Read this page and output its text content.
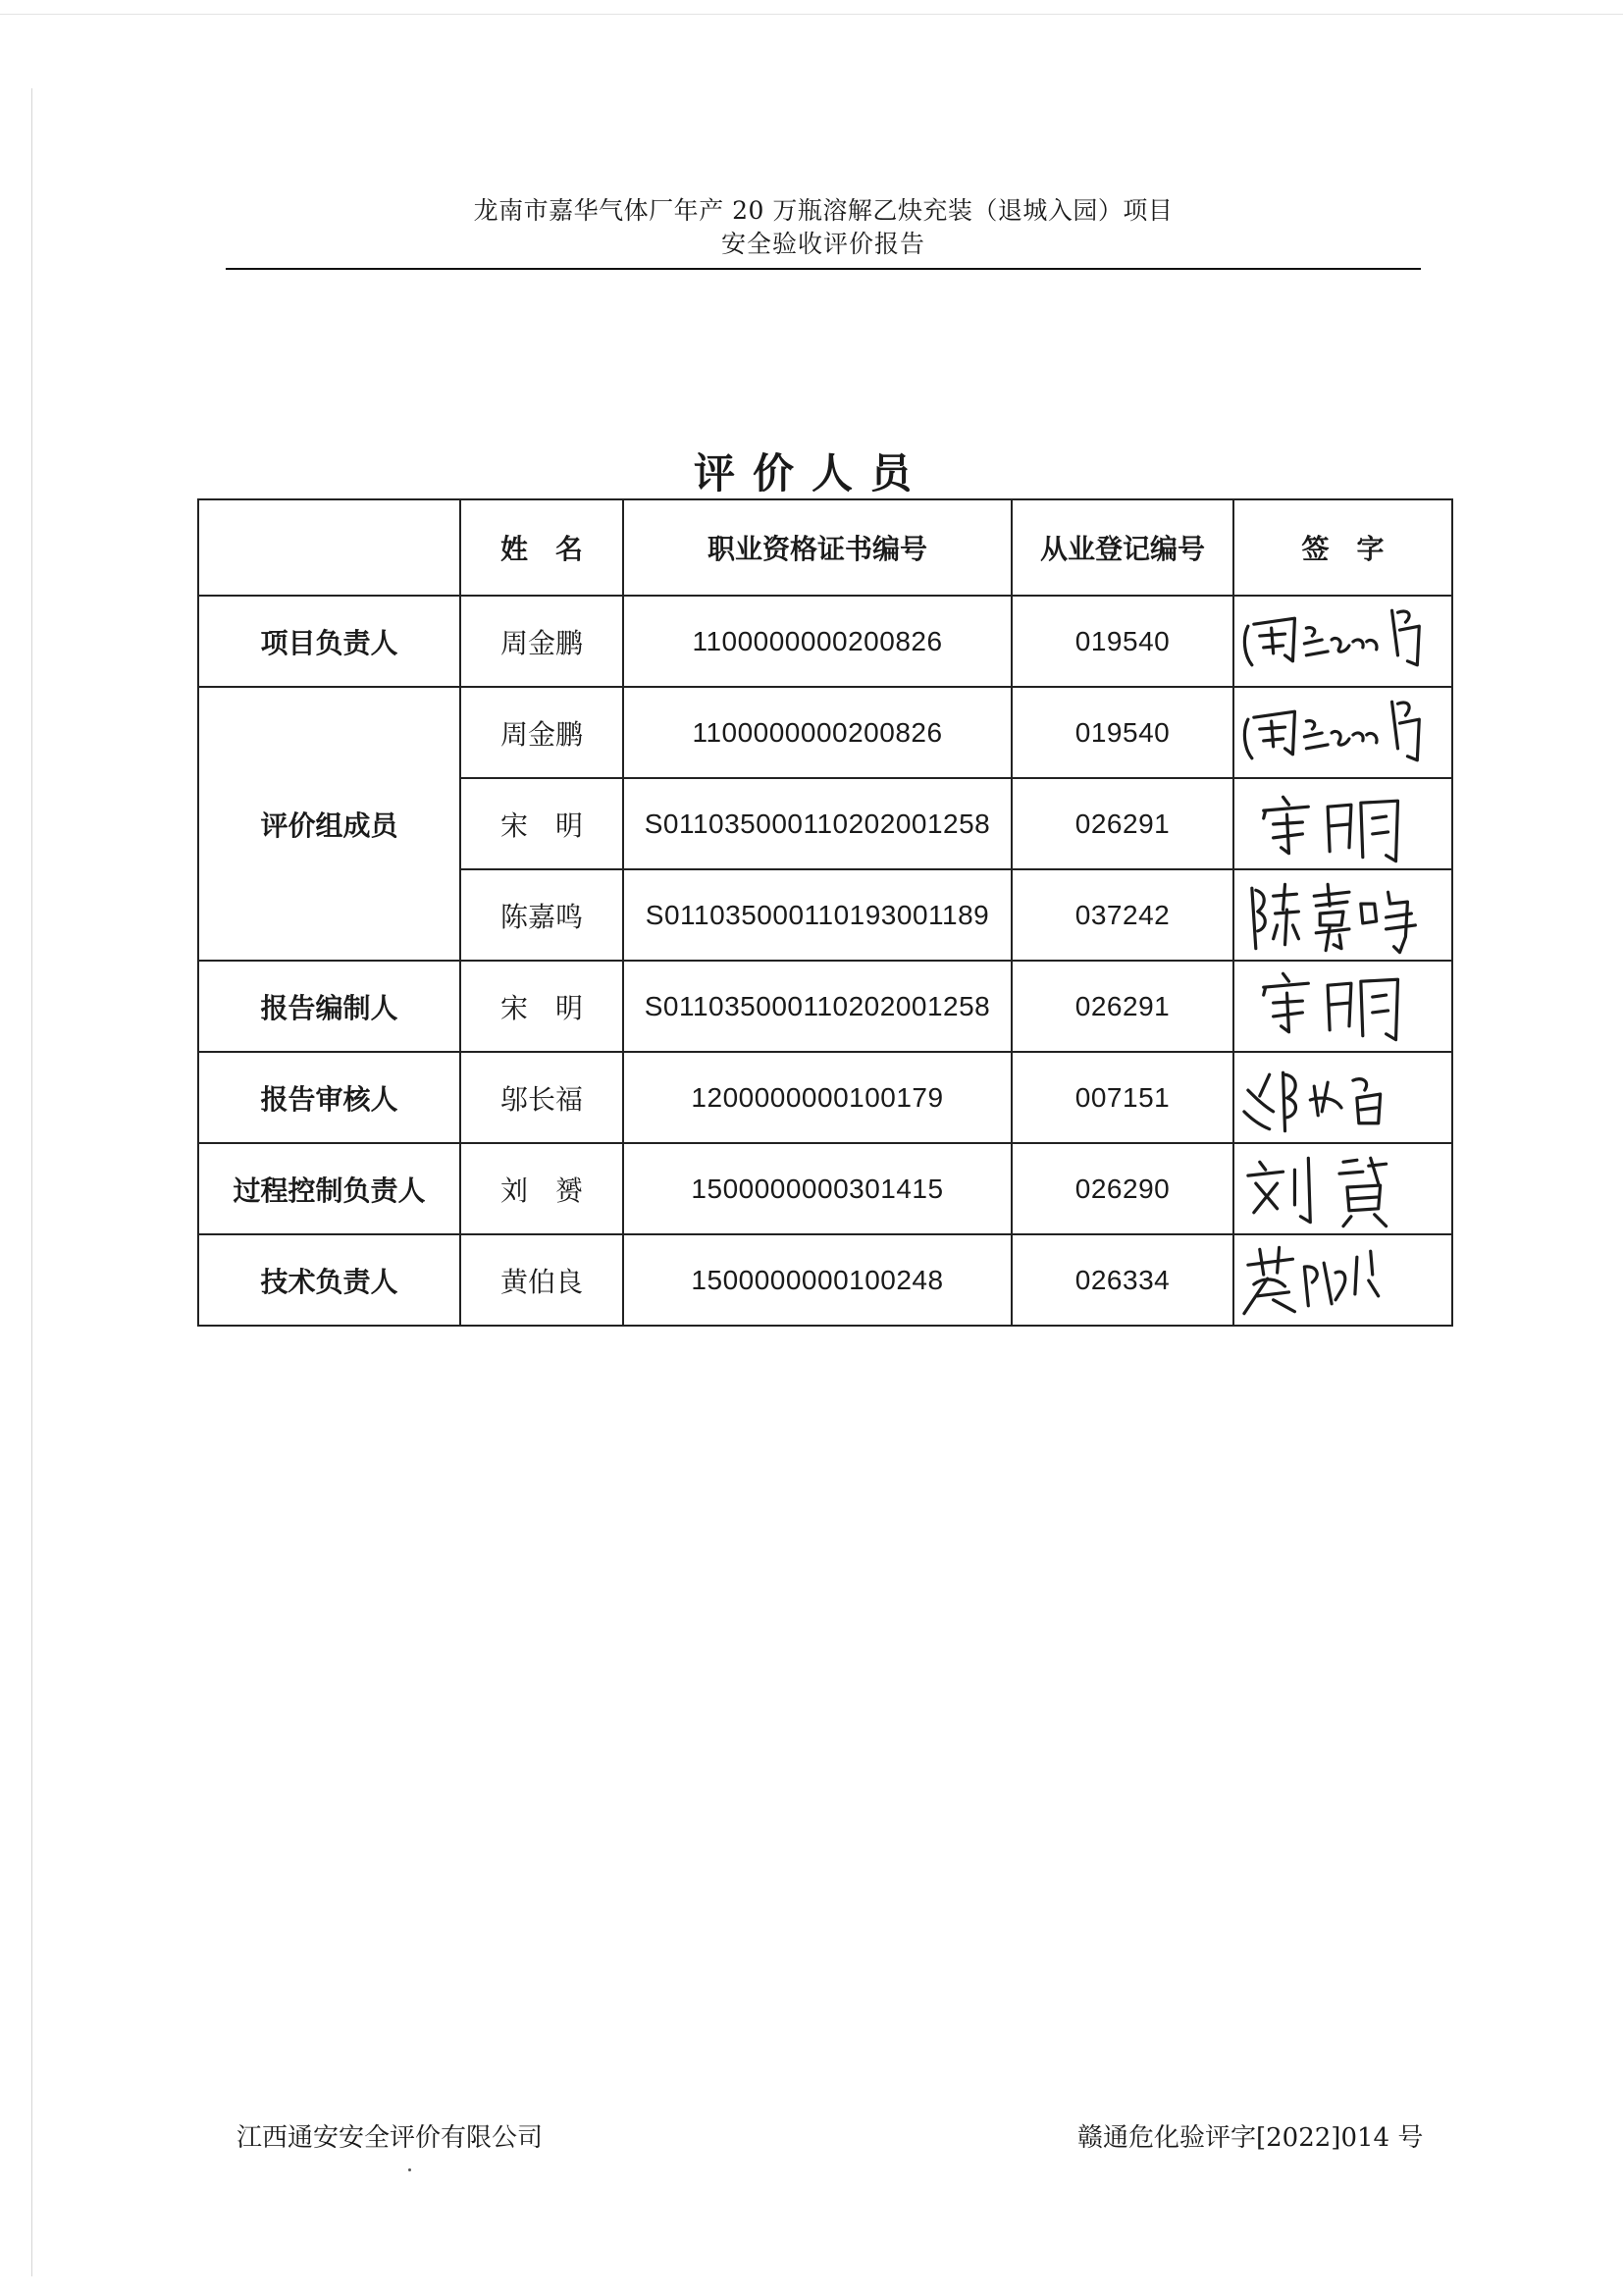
龙南市嘉华气体厂年产 20 万瓶溶解乙炔充装（退城入园）项目
安全验收评价报告
评价人员
	姓　名	职业资格证书编号	从业登记编号	签　字
项目负责人	周金鹏	1100000000200826	019540	

评价组成员	周金鹏	1100000000200826	019540	

	宋　明	S011035000110202001258	026291	

	陈嘉鸣	S011035000110193001189	037242	

报告编制人	宋　明	S011035000110202001258	026291	

报告审核人	邬长福	1200000000100179	007151	

过程控制负责人	刘　赟	1500000000301415	026290	

技术负责人	黄伯良	1500000000100248	026334	
江西通安安全评价有限公司	赣通危化验评字[2022]014 号
